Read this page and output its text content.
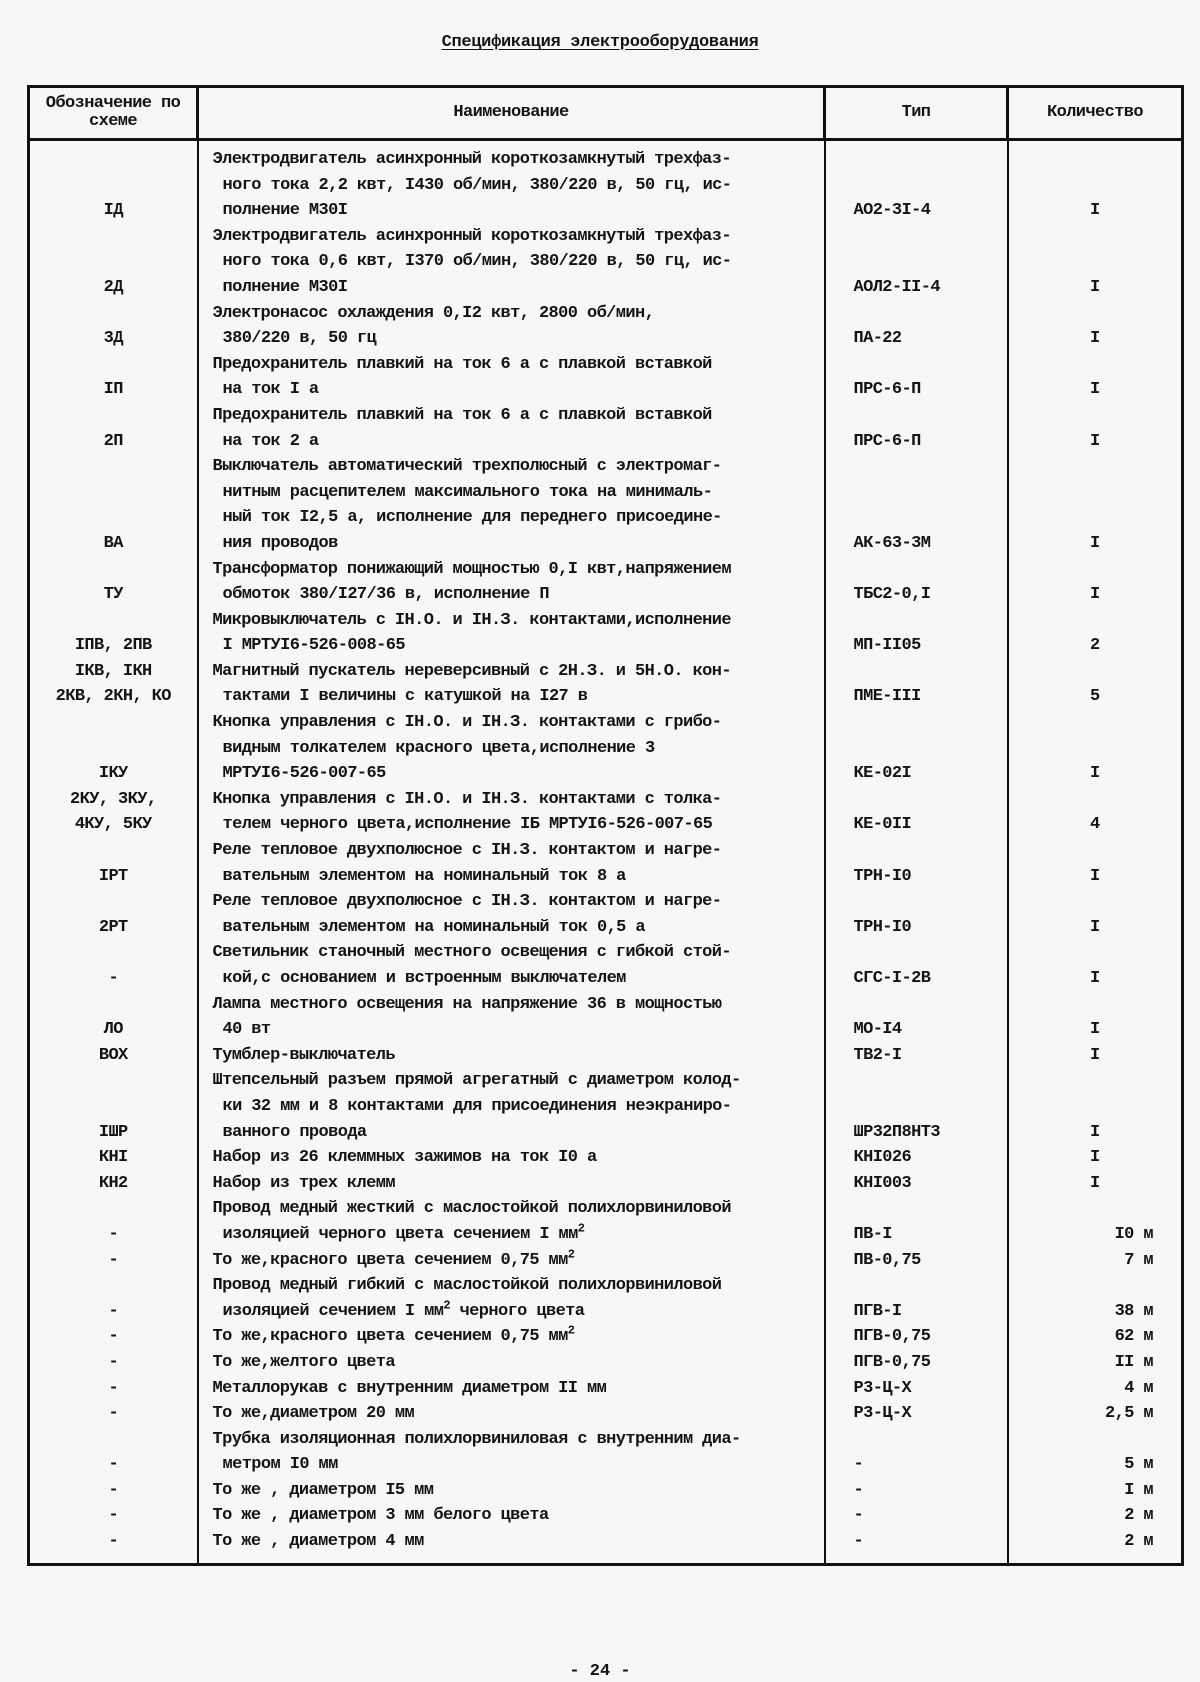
Спецификация электрооборудования
Обозначение по схеме	Наименование	Тип	Количество

IД	Электродвигатель асинхронный короткозамкнутый трехфаз-
ного тока 2,2 квт, I430 об/мин, 380/220 в, 50 гц, ис-
полнение М30I	АО2-3I-4	I

2Д	Электродвигатель асинхронный короткозамкнутый трехфаз-
ного тока 0,6 квт, I370 об/мин, 380/220 в, 50 гц, ис-
полнение М30I	АОЛ2-II-4	I

3Д	Электронасос охлаждения 0,I2 квт, 2800 об/мин,
380/220 в, 50 гц	ПА-22	I

IП	Предохранитель плавкий на ток 6 а с плавкой вставкой
на ток I а	ПРС-6-П	I

2П	Предохранитель плавкий на ток 6 а с плавкой вставкой
на ток 2 а	ПРС-6-П	I

ВА	Выключатель автоматический трехполюсный с электромаг-
нитным расцепителем максимального тока на минималь-
ный ток I2,5 а, исполнение для переднего присоедине-
ния проводов	АК-63-3М	I

ТУ	Трансформатор понижающий мощностью 0,I квт,напряжением
обмоток 380/I27/36 в, исполнение П	ТБС2-0,I	I

IПВ, 2ПВ	Микровыключатель с IН.О. и IН.З. контактами,исполнение
I МРТУI6-526-008-65	МП-II05	2

IКВ, IКН
2КВ, 2КН, КО	Магнитный пускатель нереверсивный с 2Н.З. и 5Н.О. кон-
тактами I величины с катушкой на I27 в	ПМЕ-III	5

IКУ	Кнопка управления с IН.О. и IН.З. контактами с грибо-
видным толкателем красного цвета,исполнение 3
МРТУI6-526-007-65	КЕ-02I	I

2КУ, 3КУ,
4КУ, 5КУ	Кнопка управления с IН.О. и IН.З. контактами с толка-
телем черного цвета,исполнение IБ МРТУI6-526-007-65	КЕ-0II	4

IРТ	Реле тепловое двухполюсное с IН.З. контактом и нагре-
вательным элементом на номинальный ток 8 а	ТРН-I0	I

2РТ	Реле тепловое двухполюсное с IН.З. контактом и нагре-
вательным элементом на номинальный ток 0,5 а	ТРН-I0	I

-	Светильник станочный местного освещения с гибкой стой-
кой,с основанием и встроенным выключателем	СГС-I-2В	I

ЛО	Лампа местного освещения на напряжение 36 в мощностью
40 вт	МО-I4	I

ВОХ	Тумблер-выключатель	ТВ2-I	I

IШР	Штепсельный разъем прямой агрегатный с диаметром колод-
ки 32 мм и 8 контактами для присоединения неэкраниро-
ванного провода	ШР32П8НТ3	I

КНI	Набор из 26 клеммных зажимов на ток I0 а	КНI026	I

КН2	Набор из трех клемм	КНI003	I

-	Провод медный жесткий с маслостойкой полихлорвиниловой
изоляцией черного цвета сечением I $мм^2$	ПВ-I	I0 м

-	То же,красного цвета сечением 0,75 $мм^2$	ПВ-0,75	7 м

-	Провод медный гибкий с маслостойкой полихлорвиниловой
изоляцией сечением I $мм^2$ черного цвета	ПГВ-I	38 м

-	То же,красного цвета сечением 0,75 $мм^2$	ПГВ-0,75	62 м

-	То же,желтого цвета	ПГВ-0,75	II м

-	Металлорукав с внутренним диаметром II мм	Р3-Ц-Х	4 м

-	То же,диаметром 20 мм	Р3-Ц-Х	2,5 м

-	Трубка изоляционная полихлорвиниловая с внутренним диа-
метром I0 мм	-	5 м

-	То же , диаметром I5 мм	-	I м

-	То же , диаметром 3 мм белого цвета	-	2 м

-	То же , диаметром 4 мм	-	2 м
- 24 -
